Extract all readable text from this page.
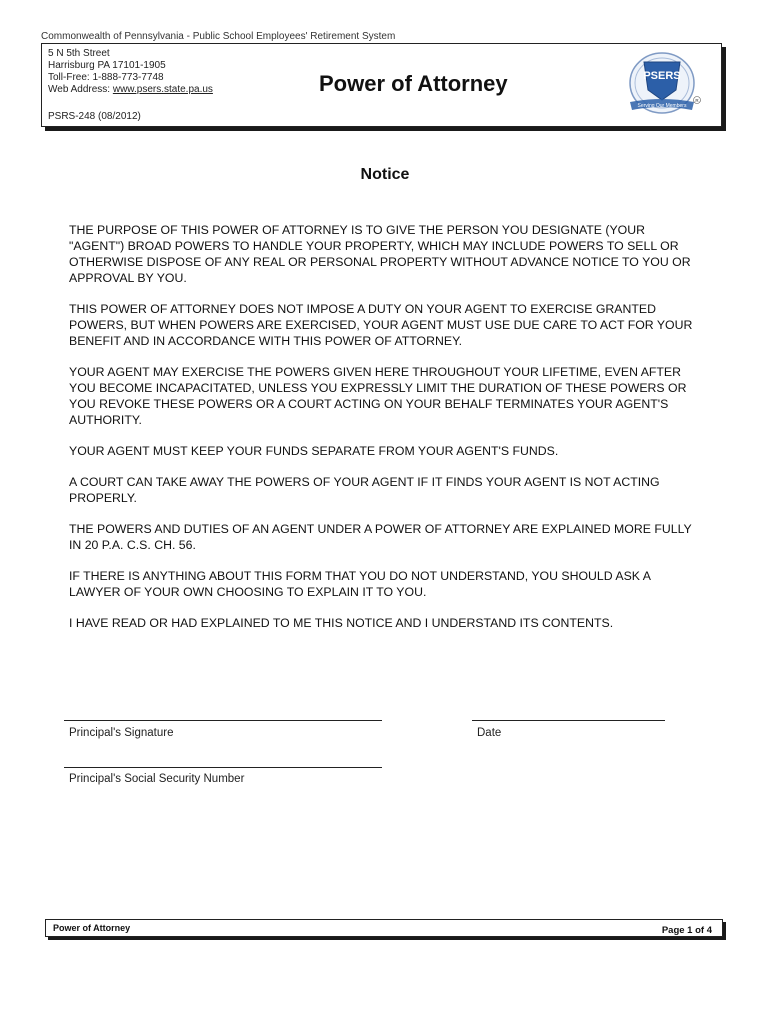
Commonwealth of Pennsylvania - Public School Employees' Retirement System
5 N 5th Street
Harrisburg PA 17101-1905
Toll-Free: 1-888-773-7748
Web Address: www.psers.state.pa.us	Power of Attorney
PSRS-248 (08/2012)
PSERS
Serving Our Members
R
Notice

THE PURPOSE OF THIS POWER OF ATTORNEY IS TO GIVE THE PERSON YOU DESIGNATE (YOUR "AGENT") BROAD POWERS TO HANDLE YOUR PROPERTY, WHICH MAY INCLUDE POWERS TO SELL OR OTHERWISE DISPOSE OF ANY REAL OR PERSONAL PROPERTY WITHOUT ADVANCE NOTICE TO YOU OR APPROVAL BY YOU.

THIS POWER OF ATTORNEY DOES NOT IMPOSE A DUTY ON YOUR AGENT TO EXERCISE GRANTED POWERS, BUT WHEN POWERS ARE EXERCISED, YOUR AGENT MUST USE DUE CARE TO ACT FOR YOUR BENEFIT AND IN ACCORDANCE WITH THIS POWER OF ATTORNEY.

YOUR AGENT MAY EXERCISE THE POWERS GIVEN HERE THROUGHOUT YOUR LIFETIME, EVEN AFTER YOU BECOME INCAPACITATED, UNLESS YOU EXPRESSLY LIMIT THE DURATION OF THESE POWERS OR YOU REVOKE THESE POWERS OR A COURT ACTING ON YOUR BEHALF TERMINATES YOUR AGENT'S AUTHORITY.

YOUR AGENT MUST KEEP YOUR FUNDS SEPARATE FROM YOUR AGENT'S FUNDS.

A COURT CAN TAKE AWAY THE POWERS OF YOUR AGENT IF IT FINDS YOUR AGENT IS NOT ACTING PROPERLY.

THE POWERS AND DUTIES OF AN AGENT UNDER A POWER OF ATTORNEY ARE EXPLAINED MORE FULLY IN 20 P.A. C.S. CH. 56.

IF THERE IS ANYTHING ABOUT THIS FORM THAT YOU DO NOT UNDERSTAND, YOU SHOULD ASK A LAWYER OF YOUR OWN CHOOSING TO EXPLAIN IT TO YOU.

I HAVE READ OR HAD EXPLAINED TO ME THIS NOTICE AND I UNDERSTAND ITS CONTENTS.

Principal's Signature	Date
Principal's Social Security Number
Power of Attorney	Page 1 of 4
